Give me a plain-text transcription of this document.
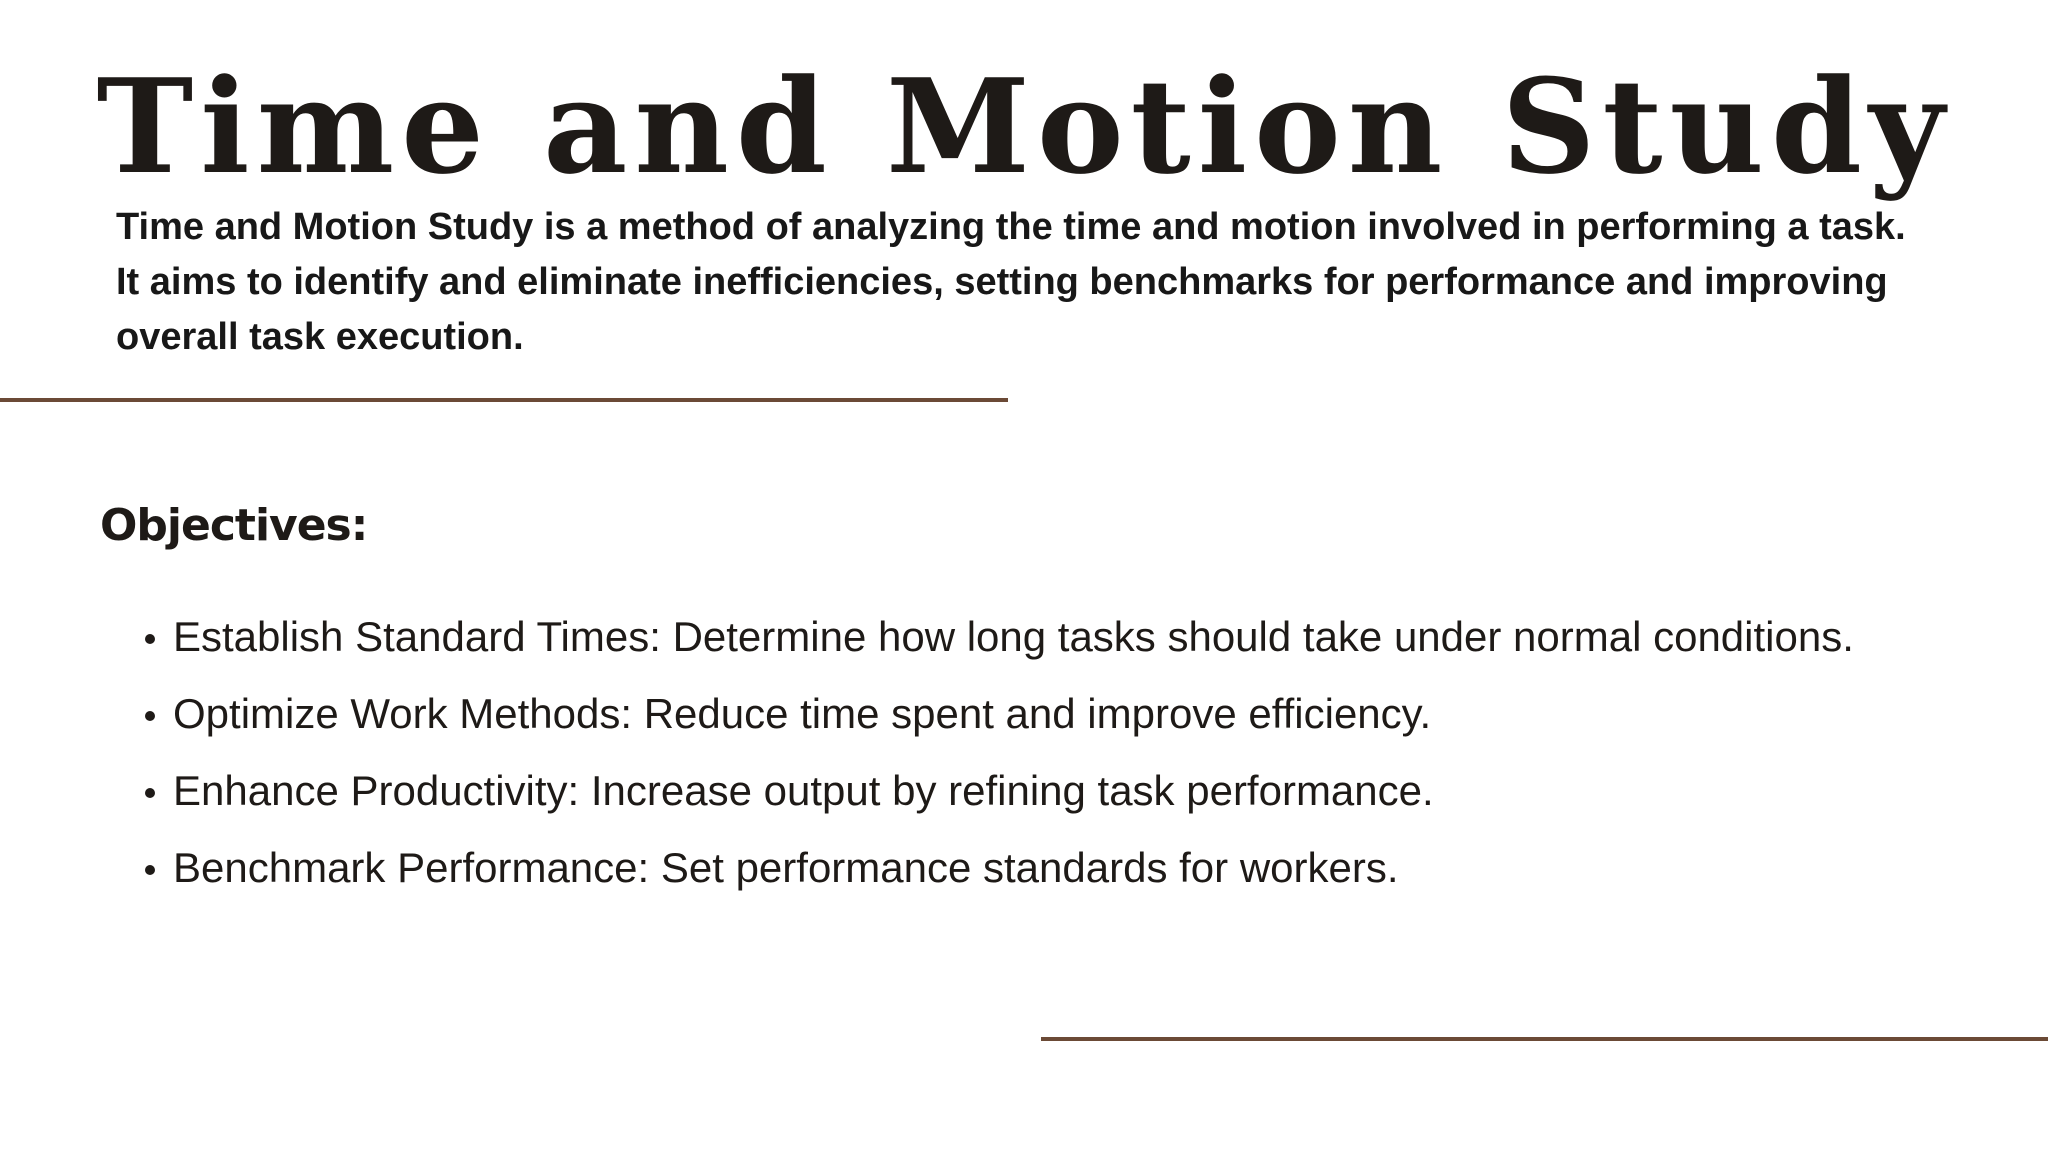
Time and Motion Study

Time and Motion Study is a method of analyzing the time and motion involved in performing a task. It aims to identify and eliminate inefficiencies, setting benchmarks for performance and improving overall task execution.

Objectives:
Establish Standard Times: Determine how long tasks should take under normal conditions.
Optimize Work Methods: Reduce time spent and improve efficiency.
Enhance Productivity: Increase output by refining task performance.
Benchmark Performance: Set performance standards for workers.
